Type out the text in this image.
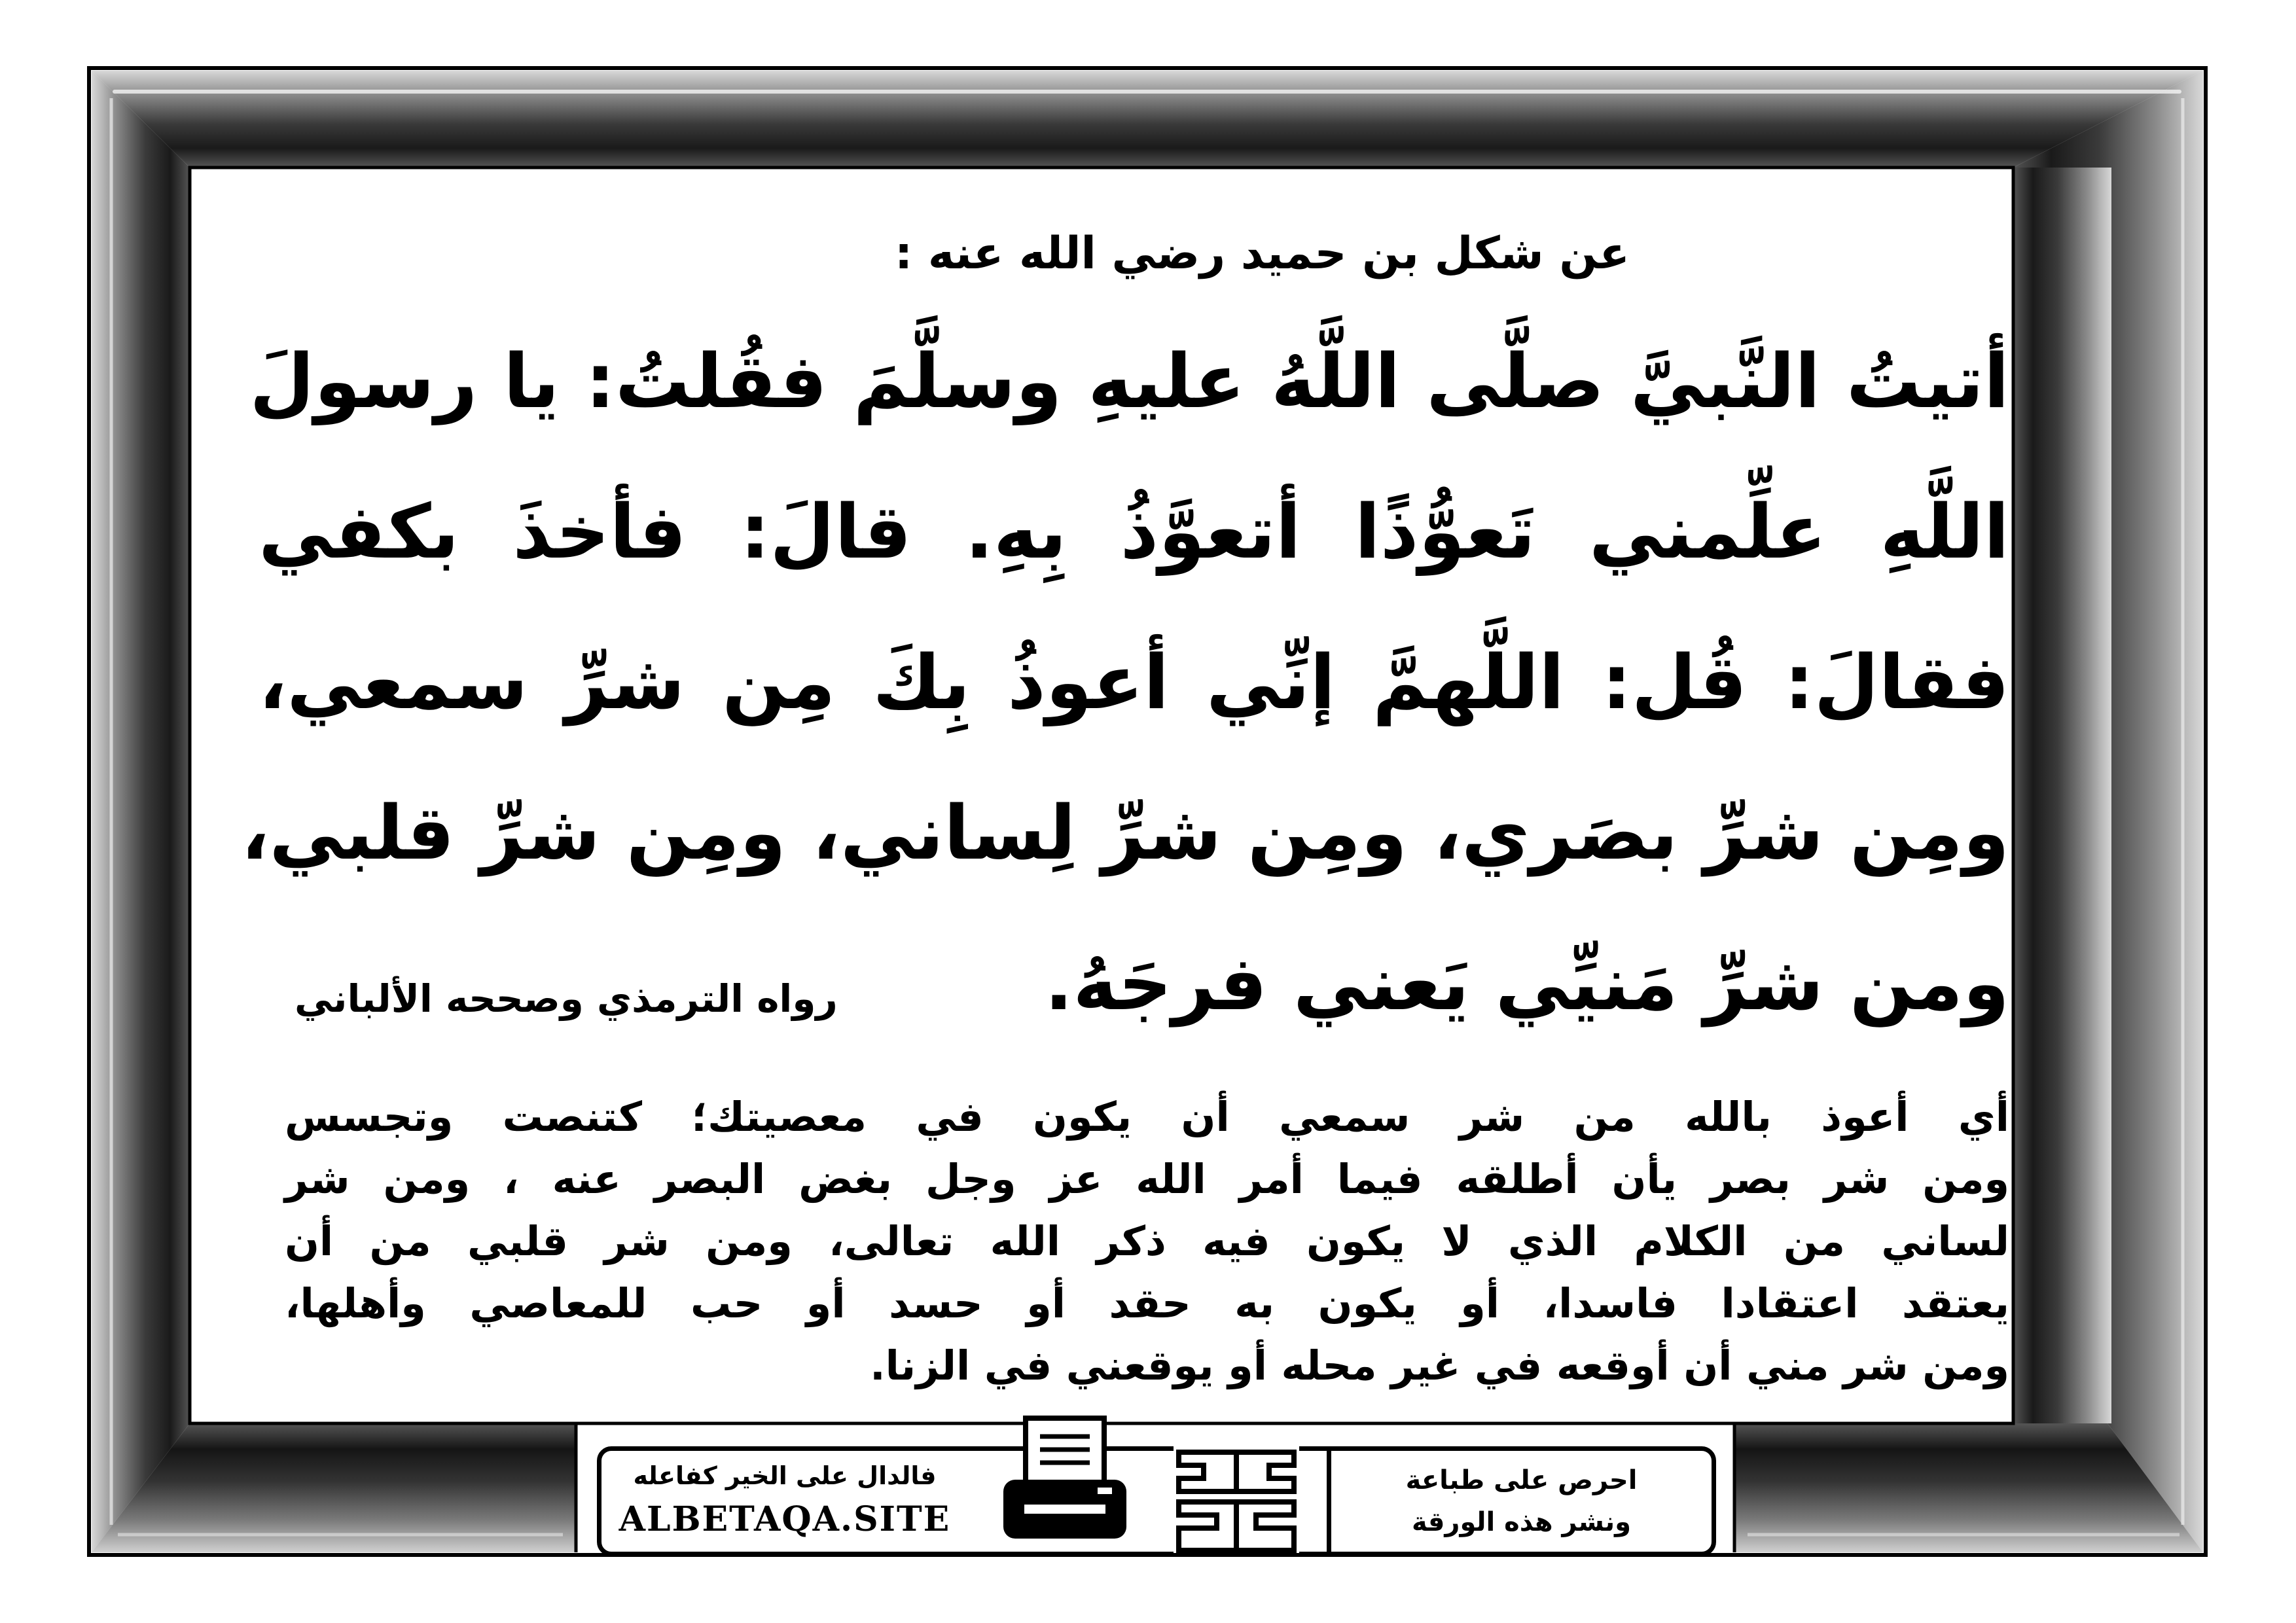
عن شكل بن حميد رضي الله عنه :
أتيتُ النَّبيَّ صلَّى اللَّهُ عليهِ وسلَّمَ فقُلتُ: يا رسولَ
اللَّهِ علِّمني تَعوُّذًا أتعوَّذُ بِهِ. قالَ: فأخذَ بكفي
فقالَ: قُل: اللَّهمَّ إنِّي أعوذُ بِكَ مِن شرِّ سمعي،
ومِن شرِّ بصَري، ومِن شرِّ لِساني، ومِن شرِّ قلبي،
ومن شرِّ مَنيِّي يَعني فرجَهُ.
رواه الترمذي وصححه الألباني
أي أعوذ بالله من شر سمعي أن يكون في معصيتك؛ كتنصت وتجسس
ومن شر بصر يأن أطلقه فيما أمر الله عز وجل بغض البصر عنه ، ومن شر
لساني من الكلام الذي لا يكون فيه ذكر الله تعالى، ومن شر قلبي من أن
يعتقد اعتقادا فاسدا، أو يكون به حقد أو حسد أو حب للمعاصي وأهلها،
ومن شر مني أن أوقعه في غير محله أو يوقعني في الزنا.
فالدال على الخير كفاعله
ALBETAQA.SITE
احرص على طباعة
ونشر هذه الورقة
